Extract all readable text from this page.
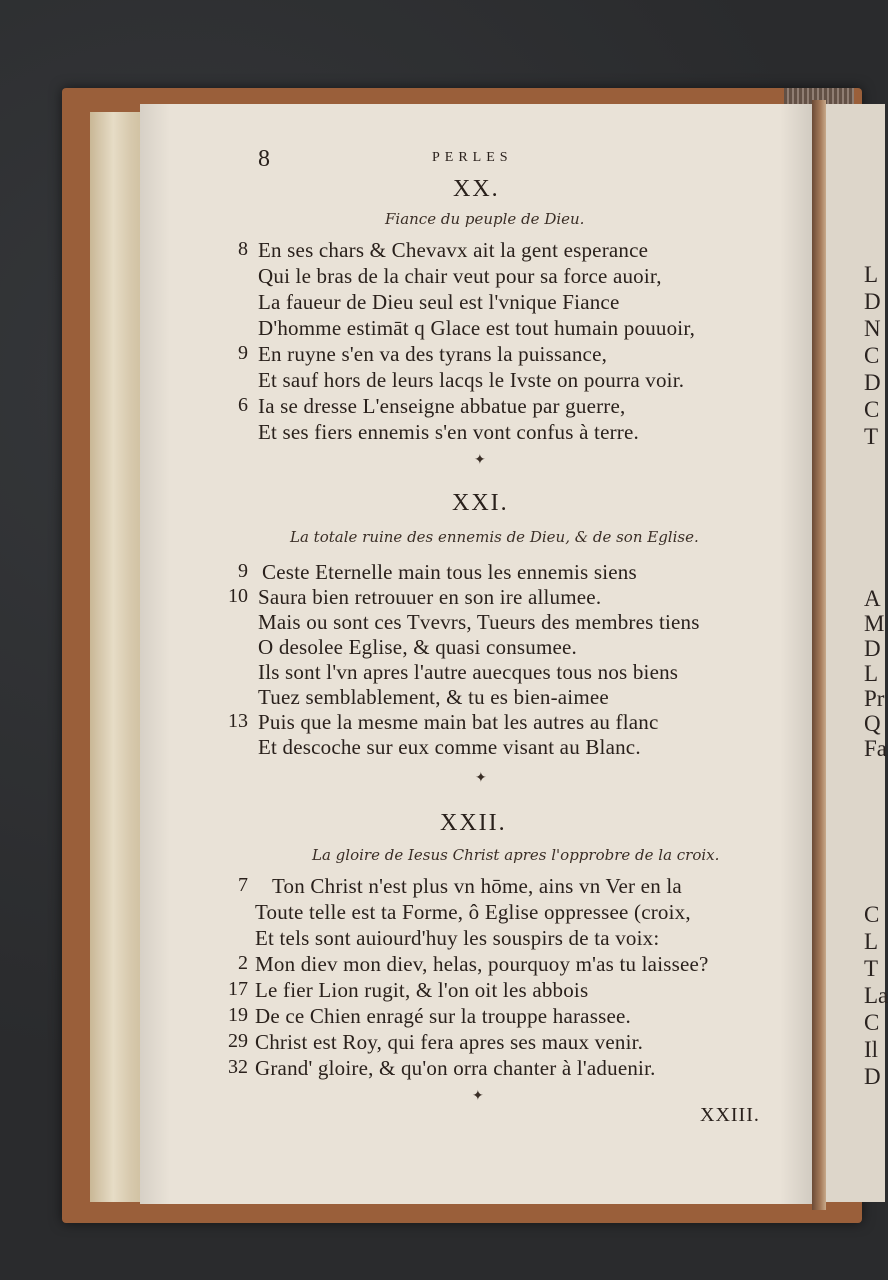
L
D
N
C
D
C
T
A
M
D
L
Pr
Q
Fa
C
L
T
La
C
Il
D
8	PERLES
XX.
Fiance du peuple de Dieu.
8 En ses chars & Chevavx ait la gent esperance
Qui le bras de la chair veut pour sa force auoir,
La faueur de Dieu seul est l'vnique Fiance
D'homme estimāt q Glace est tout humain pouuoir,
9 En ruyne s'en va des tyrans la puissance,
Et sauf hors de leurs lacqs le Ivste on pourra voir.
6 Ia se dresse L'enseigne abbatue par guerre,
Et ses fiers ennemis s'en vont confus à terre.
✦
XXI.
La totale ruine des ennemis de Dieu, & de son Eglise.
9 Ceste Eternelle main tous les ennemis siens
10 Saura bien retrouuer en son ire allumee.
Mais ou sont ces Tvevrs, Tueurs des membres tiens
O desolee Eglise, & quasi consumee.
Ils sont l'vn apres l'autre auecques tous nos biens
Tuez semblablement, & tu es bien-aimee
13 Puis que la mesme main bat les autres au flanc
Et descoche sur eux comme visant au Blanc.
✦
XXII.
La gloire de Iesus Christ apres l'opprobre de la croix.
7 Ton Christ n'est plus vn hōme, ains vn Ver en la
Toute telle est ta Forme, ô Eglise oppressee (croix,
Et tels sont auiourd'huy les souspirs de ta voix:
2 Mon diev mon diev, helas, pourquoy m'as tu laissee?
17 Le fier Lion rugit, & l'on oit les abbois
19 De ce Chien enragé sur la trouppe harassee.
29 Christ est Roy, qui fera apres ses maux venir.
32 Grand' gloire, & qu'on orra chanter à l'aduenir.
✦
XXIII.
